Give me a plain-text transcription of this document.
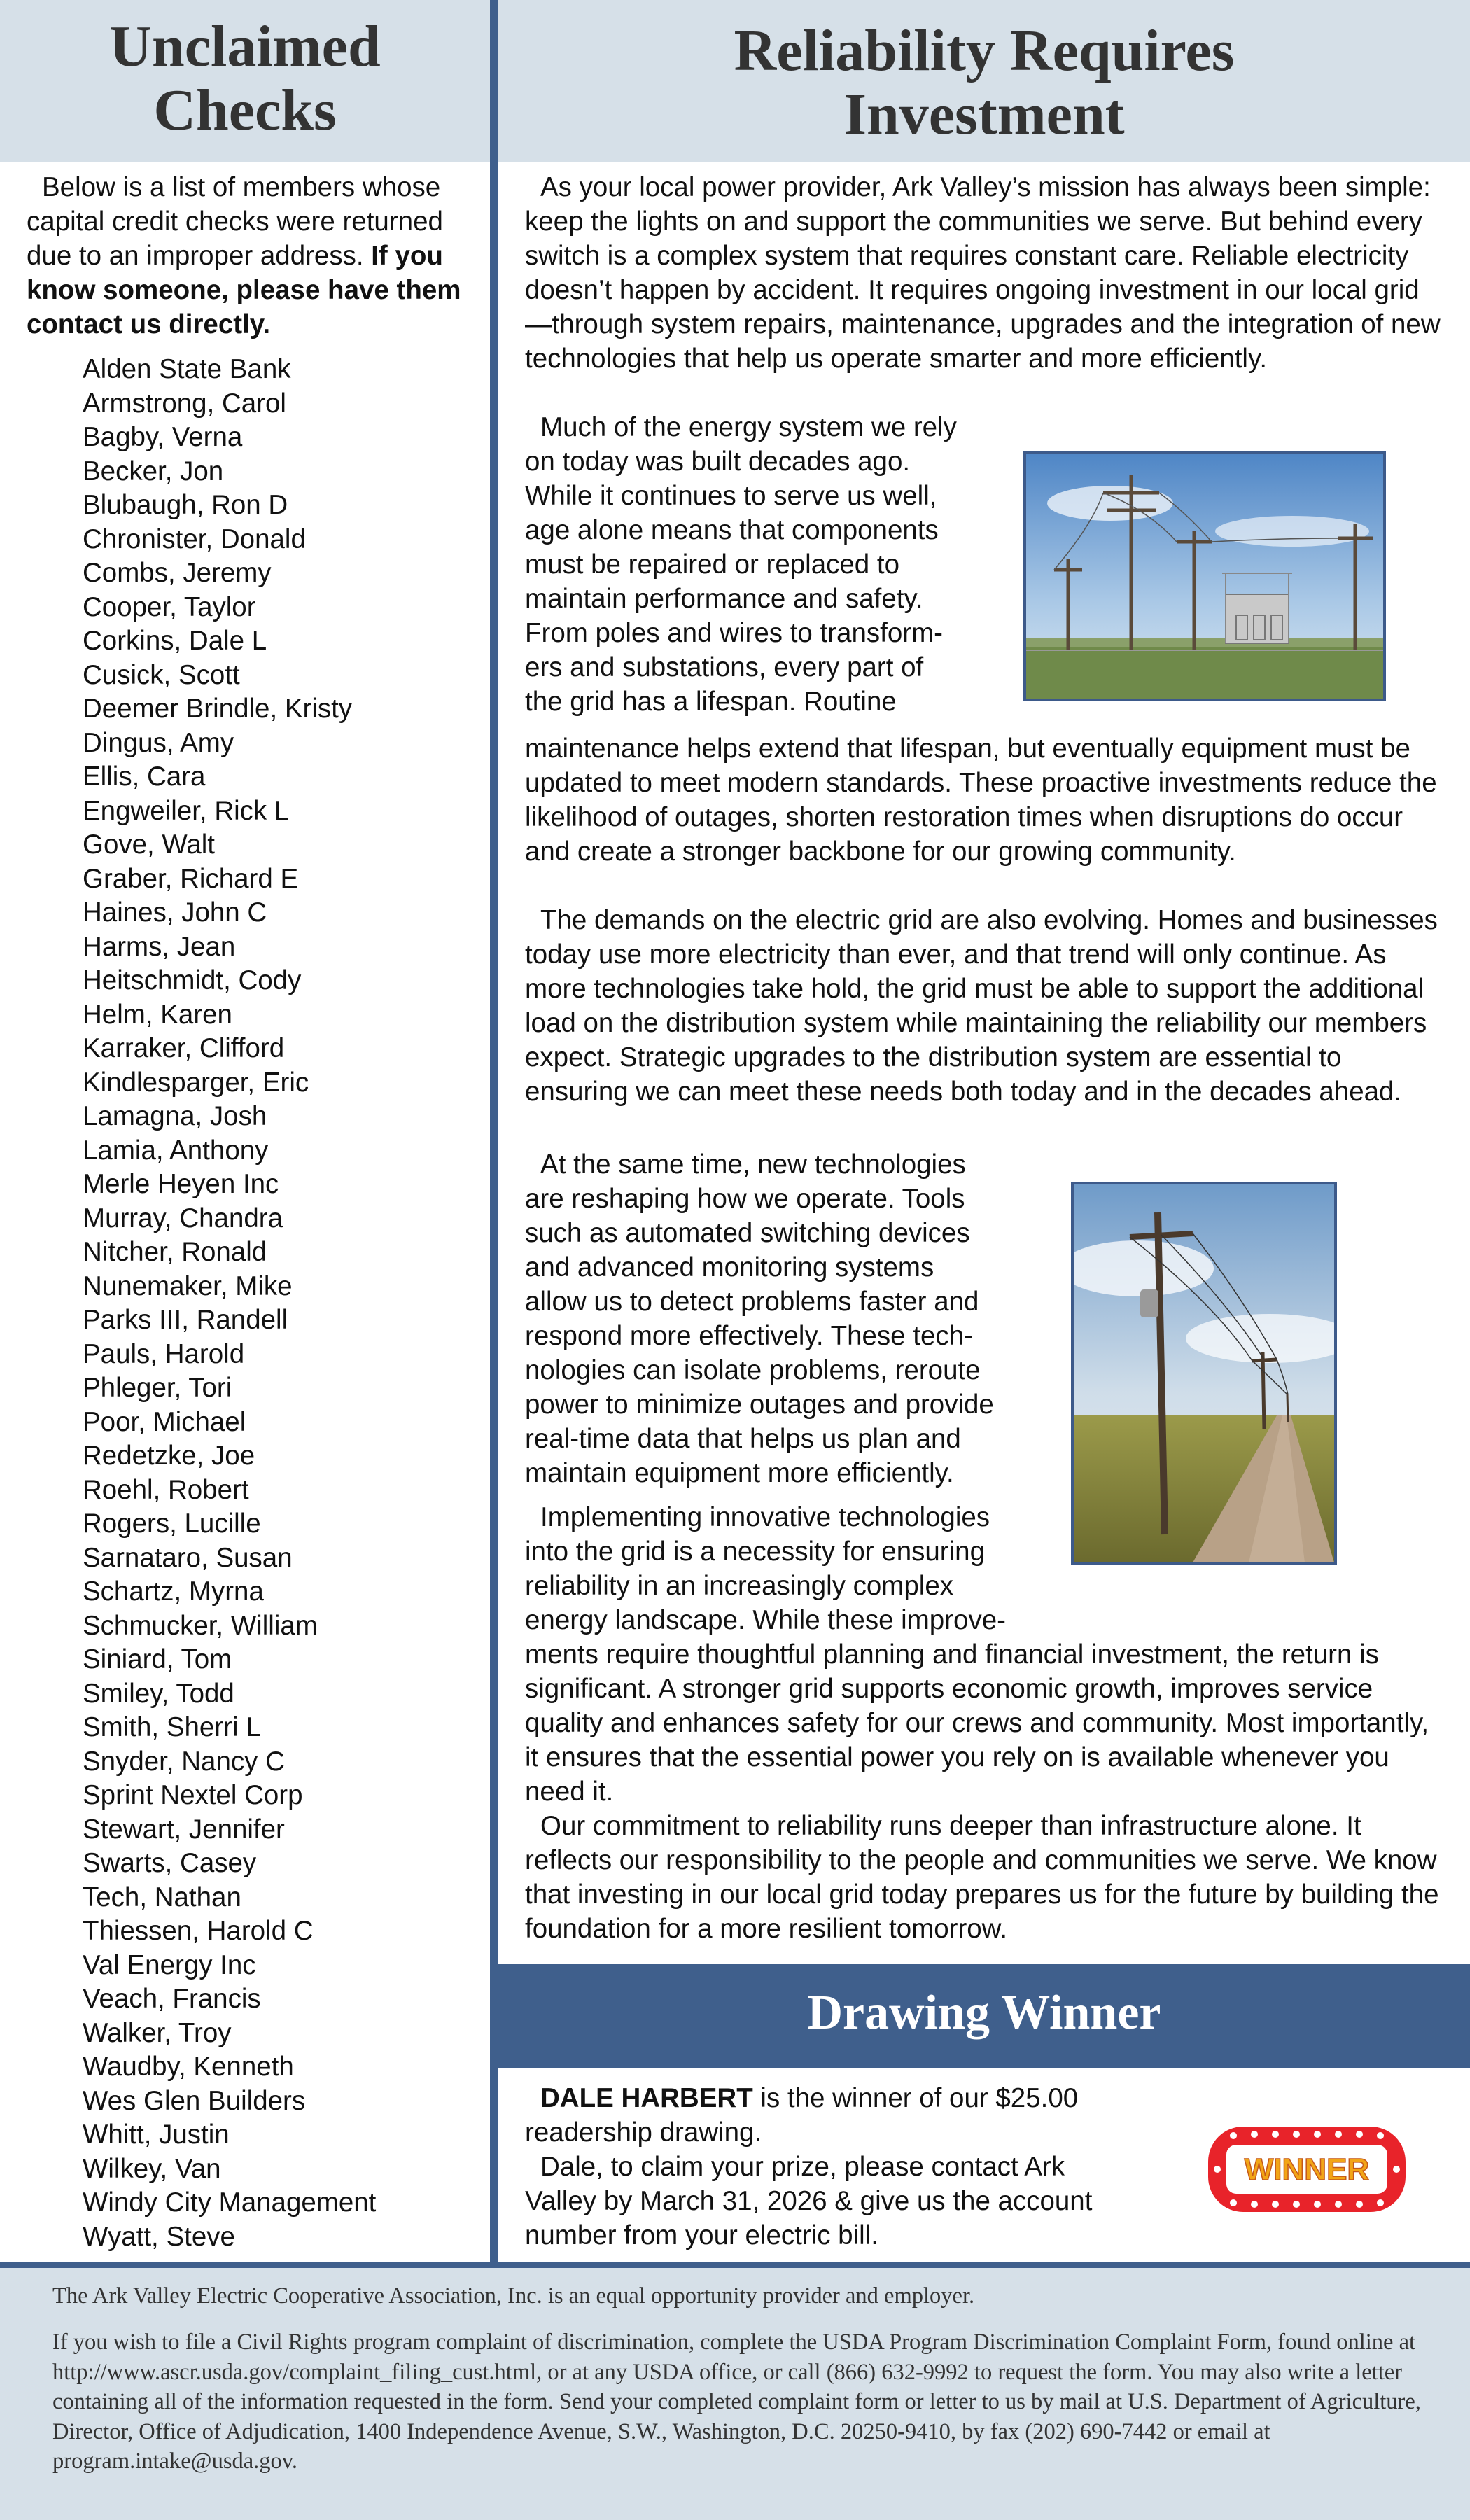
Unclaimed
Checks

Below is a list of members whose capital credit checks were returned due to an improper address. If you know someone, please have them contact us directly.

Alden State Bank
Armstrong, Carol
Bagby, Verna
Becker, Jon
Blubaugh, Ron D
Chronister, Donald
Combs, Jeremy
Cooper, Taylor
Corkins, Dale L
Cusick, Scott
Deemer Brindle, Kristy
Dingus, Amy
Ellis, Cara
Engweiler, Rick L
Gove, Walt
Graber, Richard E
Haines, John C
Harms, Jean
Heitschmidt, Cody
Helm, Karen
Karraker, Clifford
Kindlesparger, Eric
Lamagna, Josh
Lamia, Anthony
Merle Heyen Inc
Murray, Chandra
Nitcher, Ronald
Nunemaker, Mike
Parks III, Randell
Pauls, Harold
Phleger, Tori
Poor, Michael
Redetzke, Joe
Roehl, Robert
Rogers, Lucille
Sarnataro, Susan
Schartz, Myrna
Schmucker, William
Siniard, Tom
Smiley, Todd
Smith, Sherri L
Snyder, Nancy C
Sprint Nextel Corp
Stewart, Jennifer
Swarts, Casey
Tech, Nathan
Thiessen, Harold C
Val Energy Inc
Veach, Francis
Walker, Troy
Waudby, Kenneth
Wes Glen Builders
Whitt, Justin
Wilkey, Van
Windy City Management
Wyatt, Steve
Reliability Requires
Investment

As your local power provider, Ark Valley’s mission has always been simple: keep the lights on and support the communities we serve. But behind every switch is a complex system that requires constant care. Reliable electricity doesn’t happen by accident. It requires ongoing investment in our local grid—through system repairs, maintenance, upgrades and the integration of new technologies that help us operate smarter and more efficiently.

Much of the energy system we rely
on today was built decades ago.
While it continues to serve us well,
age alone means that components
must be repaired or replaced to
maintain performance and safety.
From poles and wires to transform-
ers and substations, every part of
the grid has a lifespan. Routine

maintenance helps extend that lifespan, but eventually equipment must be updated to meet modern standards. These proactive investments reduce the likelihood of outages, shorten restoration times when disruptions do occur and create a stronger backbone for our growing community.

The demands on the electric grid are also evolving. Homes and businesses today use more electricity than ever, and that trend will only continue. As more technologies take hold, the grid must be able to support the additional load on the distribution system while maintaining the reliability our members expect. Strategic upgrades to the distribution system are essential to ensuring we can meet these needs both today and in the decades ahead.

At the same time, new technologies
are reshaping how we operate. Tools
such as automated switching devices
and advanced monitoring systems
allow us to detect problems faster and
respond more effectively. These tech-
nologies can isolate problems, reroute
power to minimize outages and provide
real-time data that helps us plan and
maintain equipment more efficiently.
Implementing innovative technologies
into the grid is a necessity for ensuring
reliability in an increasingly complex
energy landscape. While these improve-

ments require thoughtful planning and financial investment, the return is significant. A stronger grid supports economic growth, improves service quality and enhances safety for our crews and community. Most importantly, it ensures that the essential power you rely on is available whenever you need it.

Our commitment to reliability runs deeper than infrastructure alone. It reflects our responsibility to the people and communities we serve. We know that investing in our local grid today prepares us for the future by building the foundation for a more resilient tomorrow.

Drawing Winner
DALE HARBERT is the winner of our $25.00
readership drawing.
Dale, to claim your prize, please contact Ark
Valley by March 31, 2026 & give us the account
number from your electric bill.
WINNER

The Ark Valley Electric Cooperative Association, Inc. is an equal opportunity provider and employer.

If you wish to file a Civil Rights program complaint of discrimination, complete the USDA Program Discrimination Complaint Form, found online at http://www.ascr.usda.gov/complaint_filing_cust.html, or at any USDA office, or call (866) 632-9992 to request the form. You may also write a letter containing all of the information requested in the form. Send your completed complaint form or letter to us by mail at U.S. Department of Agriculture, Director, Office of Adjudication, 1400 Independence Avenue, S.W., Washington, D.C. 20250-9410, by fax (202) 690-7442 or email at program.intake@usda.gov.
